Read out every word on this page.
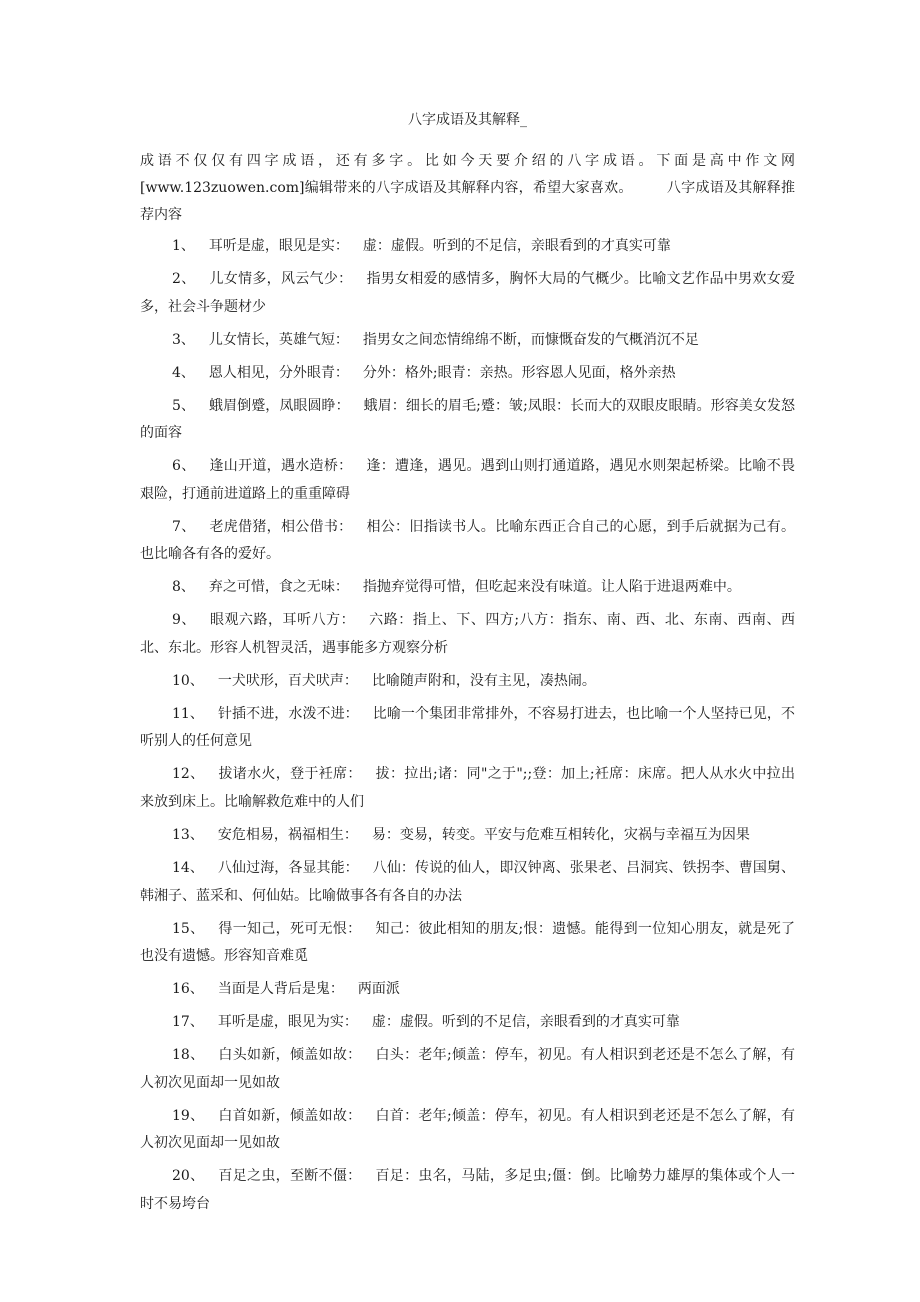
八字成语及其解释_
成语不仅仅有四字成语，还有多字。比如今天要介绍的八字成语。下面是高中作文网[www.123zuowen.com]编辑带来的八字成语及其解释内容，希望大家喜欢。 八字成语及其解释推荐内容
1、 耳听是虚，眼见是实： 虚：虚假。听到的不足信，亲眼看到的才真实可靠
2、 儿女情多，风云气少： 指男女相爱的感情多，胸怀大局的气概少。比喻文艺作品中男欢女爱多，社会斗争题材少
3、 儿女情长，英雄气短： 指男女之间恋情绵绵不断，而慷慨奋发的气概消沉不足
4、 恩人相见，分外眼青： 分外：格外;眼青：亲热。形容恩人见面，格外亲热
5、 蛾眉倒蹙，凤眼圆睁： 蛾眉：细长的眉毛;蹙：皱;凤眼：长而大的双眼皮眼睛。形容美女发怒的面容
6、 逢山开道，遇水造桥： 逢：遭逢，遇见。遇到山则打通道路，遇见水则架起桥梁。比喻不畏艰险，打通前进道路上的重重障碍
7、 老虎借猪，相公借书： 相公：旧指读书人。比喻东西正合自己的心愿，到手后就据为己有。也比喻各有各的爱好。
8、 弃之可惜，食之无味： 指抛弃觉得可惜，但吃起来没有味道。让人陷于进退两难中。
9、 眼观六路，耳听八方： 六路：指上、下、四方;八方：指东、南、西、北、东南、西南、西北、东北。形容人机智灵活，遇事能多方观察分析
10、 一犬吠形，百犬吠声： 比喻随声附和，没有主见，凑热闹。
11、 针插不进，水泼不进： 比喻一个集团非常排外，不容易打进去，也比喻一个人坚持已见，不听别人的任何意见
12、 拔诸水火，登于衽席： 拔：拉出;诸：同"之于";;登：加上;衽席：床席。把人从水火中拉出来放到床上。比喻解救危难中的人们
13、 安危相易，祸福相生： 易：变易，转变。平安与危难互相转化，灾祸与幸福互为因果
14、 八仙过海，各显其能： 八仙：传说的仙人，即汉钟离、张果老、吕洞宾、铁拐李、曹国舅、韩湘子、蓝采和、何仙姑。比喻做事各有各自的办法
15、 得一知己，死可无恨： 知己：彼此相知的朋友;恨：遗憾。能得到一位知心朋友，就是死了也没有遗憾。形容知音难觅
16、 当面是人背后是鬼： 两面派
17、 耳听是虚，眼见为实： 虚：虚假。听到的不足信，亲眼看到的才真实可靠
18、 白头如新，倾盖如故： 白头：老年;倾盖：停车，初见。有人相识到老还是不怎么了解，有人初次见面却一见如故
19、 白首如新，倾盖如故： 白首：老年;倾盖：停车，初见。有人相识到老还是不怎么了解，有人初次见面却一见如故
20、 百足之虫，至断不僵： 百足：虫名，马陆，多足虫;僵：倒。比喻势力雄厚的集体或个人一时不易垮台
